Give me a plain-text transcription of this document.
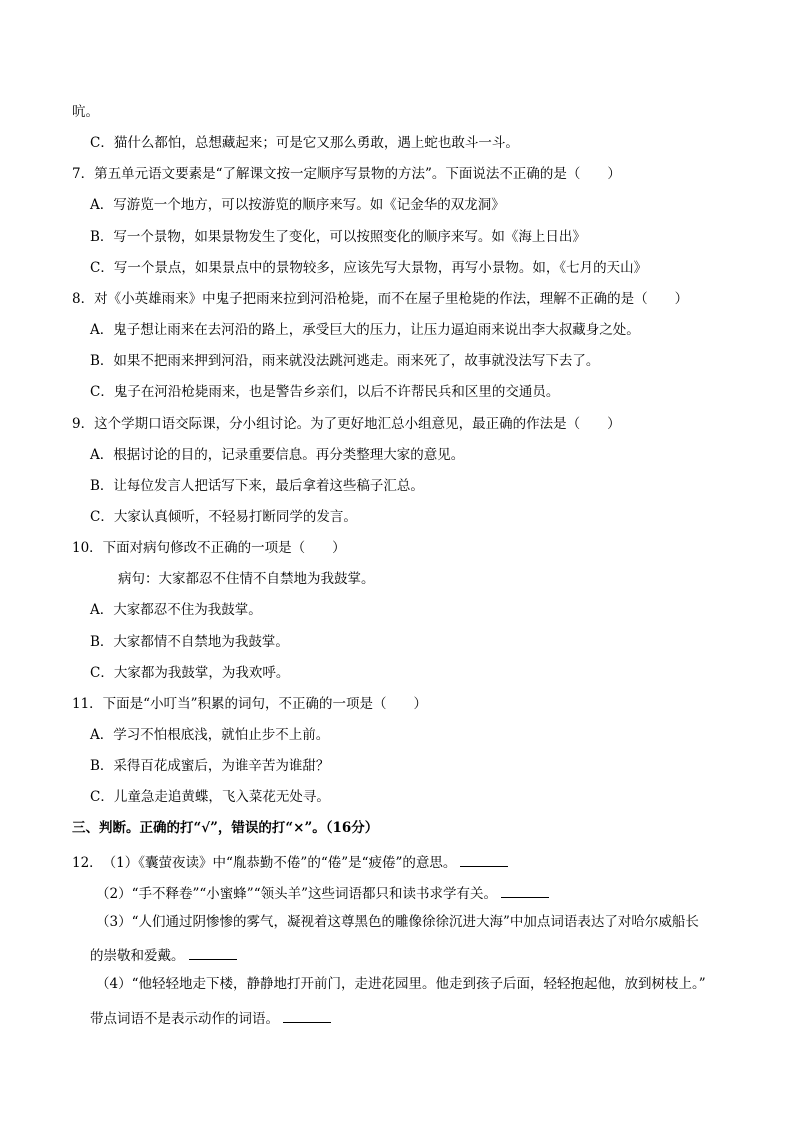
吭。
C．猫什么都怕，总想藏起来；可是它又那么勇敢，遇上蛇也敢斗一斗。
7．第五单元语文要素是“了解课文按一定顺序写景物的方法”。下面说法不正确的是（　　）
A．写游览一个地方，可以按游览的顺序来写。如《记金华的双龙洞》
B．写一个景物，如果景物发生了变化，可以按照变化的顺序来写。如《海上日出》
C．写一个景点，如果景点中的景物较多，应该先写大景物，再写小景物。如，《七月的天山》
8．对《小英雄雨来》中鬼子把雨来拉到河沿枪毙，而不在屋子里枪毙的作法，理解不正确的是（　　）
A．鬼子想让雨来在去河沿的路上，承受巨大的压力，让压力逼迫雨来说出李大叔藏身之处。
B．如果不把雨来押到河沿，雨来就没法跳河逃走。雨来死了，故事就没法写下去了。
C．鬼子在河沿枪毙雨来，也是警告乡亲们，以后不许帮民兵和区里的交通员。
9．这个学期口语交际课，分小组讨论。为了更好地汇总小组意见，最正确的作法是（　　）
A．根据讨论的目的，记录重要信息。再分类整理大家的意见。
B．让每位发言人把话写下来，最后拿着这些稿子汇总。
C．大家认真倾听，不轻易打断同学的发言。
10．下面对病句修改不正确的一项是（　　）
病句：大家都忍不住情不自禁地为我鼓掌。
A．大家都忍不住为我鼓掌。
B．大家都情不自禁地为我鼓掌。
C．大家都为我鼓掌，为我欢呼。
11．下面是“小叮当”积累的词句，不正确的一项是（　　）
A．学习不怕根底浅，就怕止步不上前。
B．采得百花成蜜后，为谁辛苦为谁甜？
C．儿童急走追黄蝶，飞入菜花无处寻。
三、判断。正确的打“√”，错误的打“×”。（16分）
12．　（1）《囊萤夜读》中“胤恭勤不倦”的“倦”是“疲倦”的意思。
（2）“手不释卷”“小蜜蜂”“领头羊”这些词语都只和读书求学有关。
（3）“人们通过阴惨惨的雾气，凝视着这尊黑色的雕像徐徐沉进大海”中加点词语表达了对哈尔威船长
的崇敬和爱戴。
（4）“他轻轻地走下楼，静静地打开前门，走进花园里。他走到孩子后面，轻轻抱起他，放到树枝上。”
带点词语不是表示动作的词语。
